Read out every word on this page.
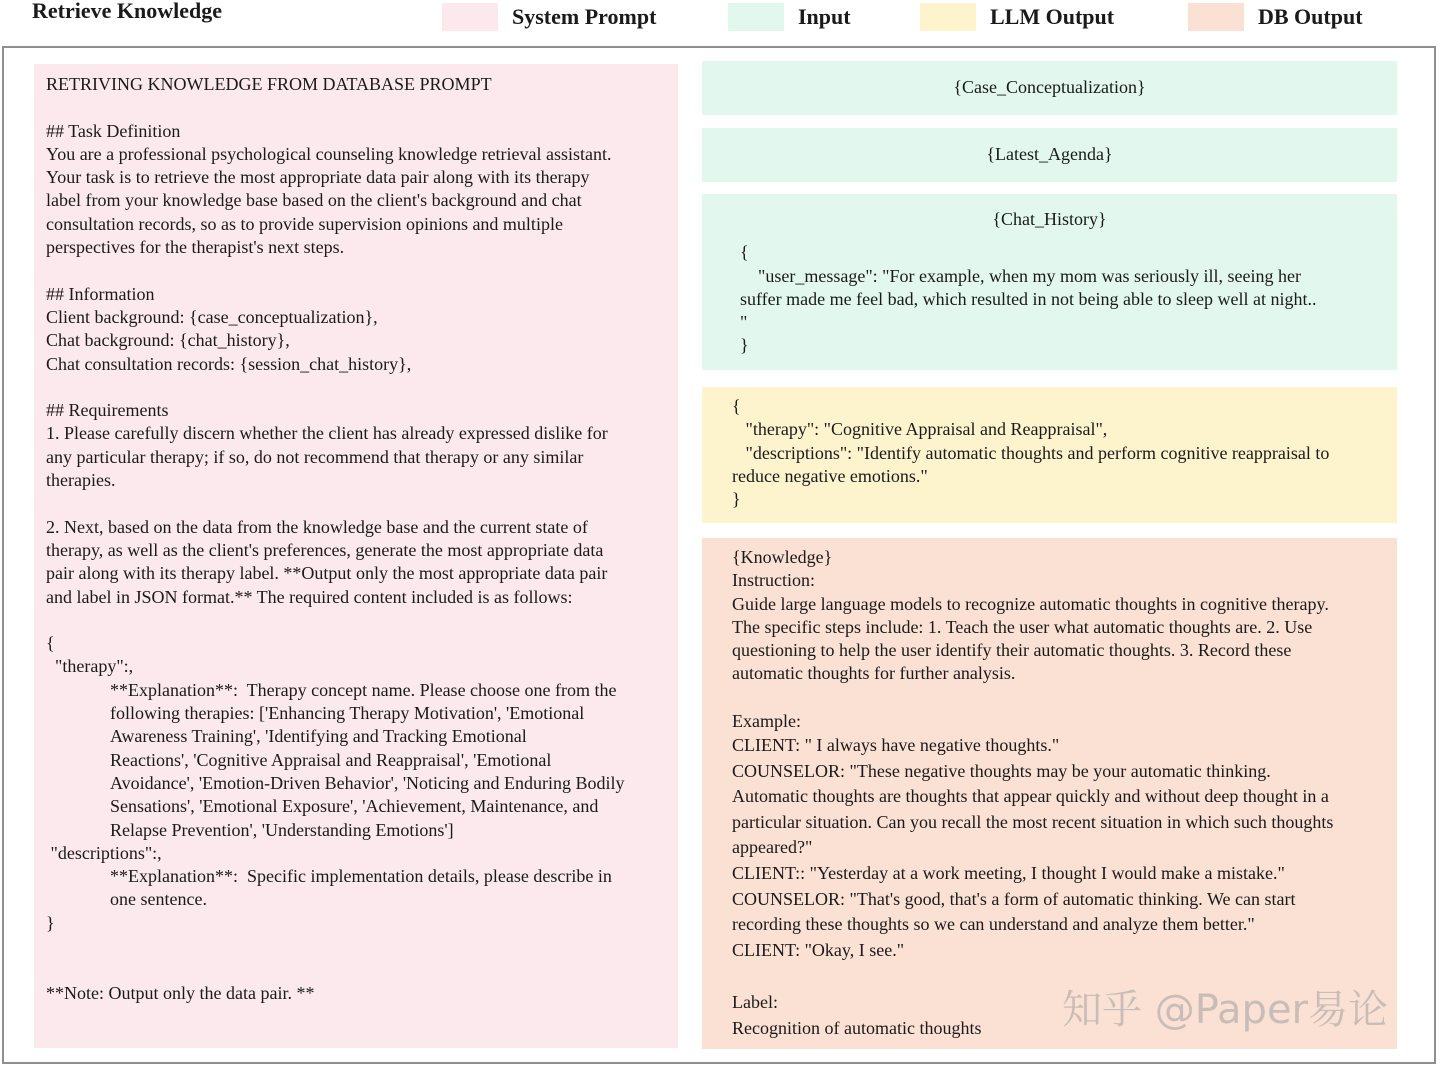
Retrieve Knowledge	System Prompt	Input	LLM Output	DB Output

RETRIVING KNOWLEDGE FROM DATABASE PROMPT

## Task Definition

You are a professional psychological counseling knowledge retrieval assistant.

Your task is to retrieve the most appropriate data pair along with its therapy

label from your knowledge base based on the client's background and chat

consultation records, so as to provide supervision opinions and multiple

perspectives for the therapist's next steps.

## Information

Client background: {case_conceptualization},

Chat background: {chat_history},

Chat consultation records: {session_chat_history},

## Requirements

1. Please carefully discern whether the client has already expressed dislike for

any particular therapy; if so, do not recommend that therapy or any similar

therapies.

2. Next, based on the data from the knowledge base and the current state of

therapy, as well as the client's preferences, generate the most appropriate data

pair along with its therapy label. **Output only the most appropriate data pair

and label in JSON format.** The required content included is as follows:

{

"therapy":,

**Explanation**:  Therapy concept name. Please choose one from the

following therapies: ['Enhancing Therapy Motivation', 'Emotional

Awareness Training', 'Identifying and Tracking Emotional

Reactions', 'Cognitive Appraisal and Reappraisal', 'Emotional

Avoidance', 'Emotion-Driven Behavior', 'Noticing and Enduring Bodily

Sensations', 'Emotional Exposure', 'Achievement, Maintenance, and

Relapse Prevention', 'Understanding Emotions']

"descriptions":,

**Explanation**:  Specific implementation details, please describe in

one sentence.

}

**Note: Output only the data pair. **

{Case_Conceptualization}
{Latest_Agenda}
{Chat_History}
{
"user_message": "For example, when my mom was seriously ill, seeing her
suffer made me feel bad, which resulted in not being able to sleep well at night..
"
}
{
"therapy": "Cognitive Appraisal and Reappraisal",
"descriptions": "Identify automatic thoughts and perform cognitive reappraisal to
reduce negative emotions."
}

{Knowledge}

Instruction:

Guide large language models to recognize automatic thoughts in cognitive therapy.

The specific steps include: 1. Teach the user what automatic thoughts are. 2. Use

questioning to help the user identify their automatic thoughts. 3. Record these

automatic thoughts for further analysis.

Example:

CLIENT: " I always have negative thoughts."

COUNSELOR: "These negative thoughts may be your automatic thinking.

Automatic thoughts are thoughts that appear quickly and without deep thought in a

particular situation. Can you recall the most recent situation in which such thoughts

appeared?"

CLIENT:: "Yesterday at a work meeting, I thought I would make a mistake."

COUNSELOR: "That's good, that's a form of automatic thinking. We can start

recording these thoughts so we can understand and analyze them better."

CLIENT: "Okay, I see."

Label:

Recognition of automatic thoughts	知乎 @Paper易论
